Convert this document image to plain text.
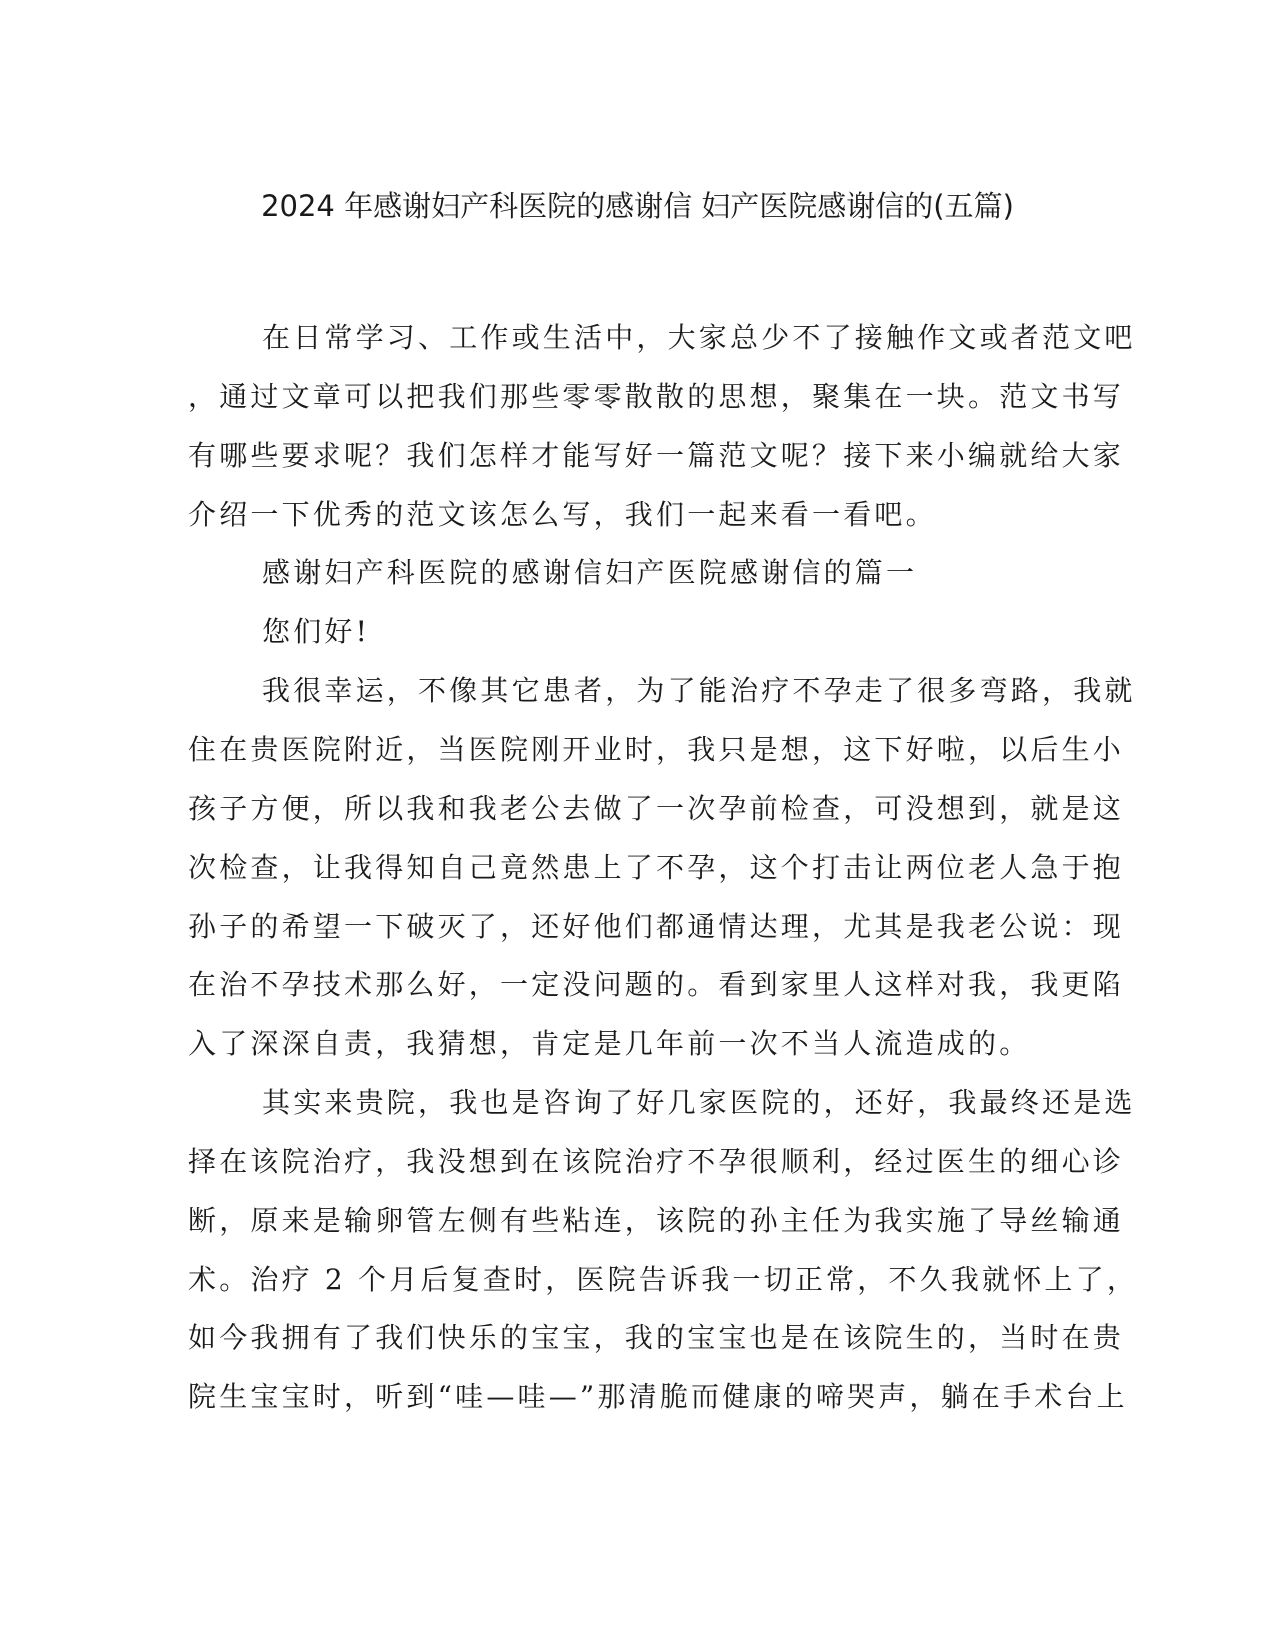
2024 年感谢妇产科医院的感谢信 妇产医院感谢信的(五篇)
在日常学习、工作或生活中，大家总少不了接触作文或者范文吧
，通过文章可以把我们那些零零散散的思想，聚集在一块。范文书写
有哪些要求呢？我们怎样才能写好一篇范文呢？接下来小编就给大家
介绍一下优秀的范文该怎么写，我们一起来看一看吧。
感谢妇产科医院的感谢信妇产医院感谢信的篇一
您们好!
我很幸运，不像其它患者，为了能治疗不孕走了很多弯路，我就
住在贵医院附近，当医院刚开业时，我只是想，这下好啦，以后生小
孩子方便，所以我和我老公去做了一次孕前检查，可没想到，就是这
次检查，让我得知自己竟然患上了不孕，这个打击让两位老人急于抱
孙子的希望一下破灭了，还好他们都通情达理，尤其是我老公说：现
在治不孕技术那么好，一定没问题的。看到家里人这样对我，我更陷
入了深深自责，我猜想，肯定是几年前一次不当人流造成的。
其实来贵院，我也是咨询了好几家医院的，还好，我最终还是选
择在该院治疗，我没想到在该院治疗不孕很顺利，经过医生的细心诊
断，原来是输卵管左侧有些粘连，该院的孙主任为我实施了导丝输通
术。治疗 2 个月后复查时，医院告诉我一切正常，不久我就怀上了，
如今我拥有了我们快乐的宝宝，我的宝宝也是在该院生的，当时在贵
院生宝宝时，听到“哇—哇—”那清脆而健康的啼哭声，躺在手术台上
